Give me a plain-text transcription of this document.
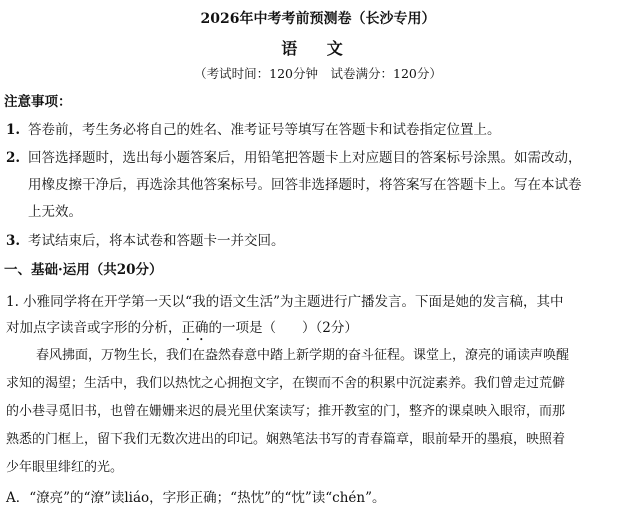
2026年中考考前预测卷（长沙专用）
语 文
（考试时间：120分钟　试卷满分：120分）
注意事项：
1. 答卷前，考生务必将自己的姓名、准考证号等填写在答题卡和试卷指定位置上。
2. 回答选择题时，选出每小题答案后，用铅笔把答题卡上对应题目的答案标号涂黑。如需改动，
用橡皮擦干净后，再选涂其他答案标号。回答非选择题时，将答案写在答题卡上。写在本试卷
上无效。
3. 考试结束后，将本试卷和答题卡一并交回。
一、基础·运用（共20分）
1. 小雅同学将在开学第一天以“我的语文生活”为主题进行广播发言。下面是她的发言稿，其中
对加点字读音或字形的分析，正确的一项是（ ）（2分）
春风拂面，万物生长，我们在盎然春意中踏上新学期的奋斗征程。课堂上，潦亮的诵读声唤醒
求知的渴望；生活中，我们以热忱之心拥抱文字，在锲而不舍的积累中沉淀素养。我们曾走过荒僻
的小巷寻觅旧书，也曾在姗姗来迟的晨光里伏案读写；推开教室的门，整齐的课桌映入眼帘，而那
熟悉的门框上，留下我们无数次进出的印记。娴熟笔法书写的青春篇章，眼前晕开的墨痕，映照着
少年眼里绯红的光。
A．“潦亮”的“潦”读liáo，字形正确；“热忱”的“忱”读“chén”。
